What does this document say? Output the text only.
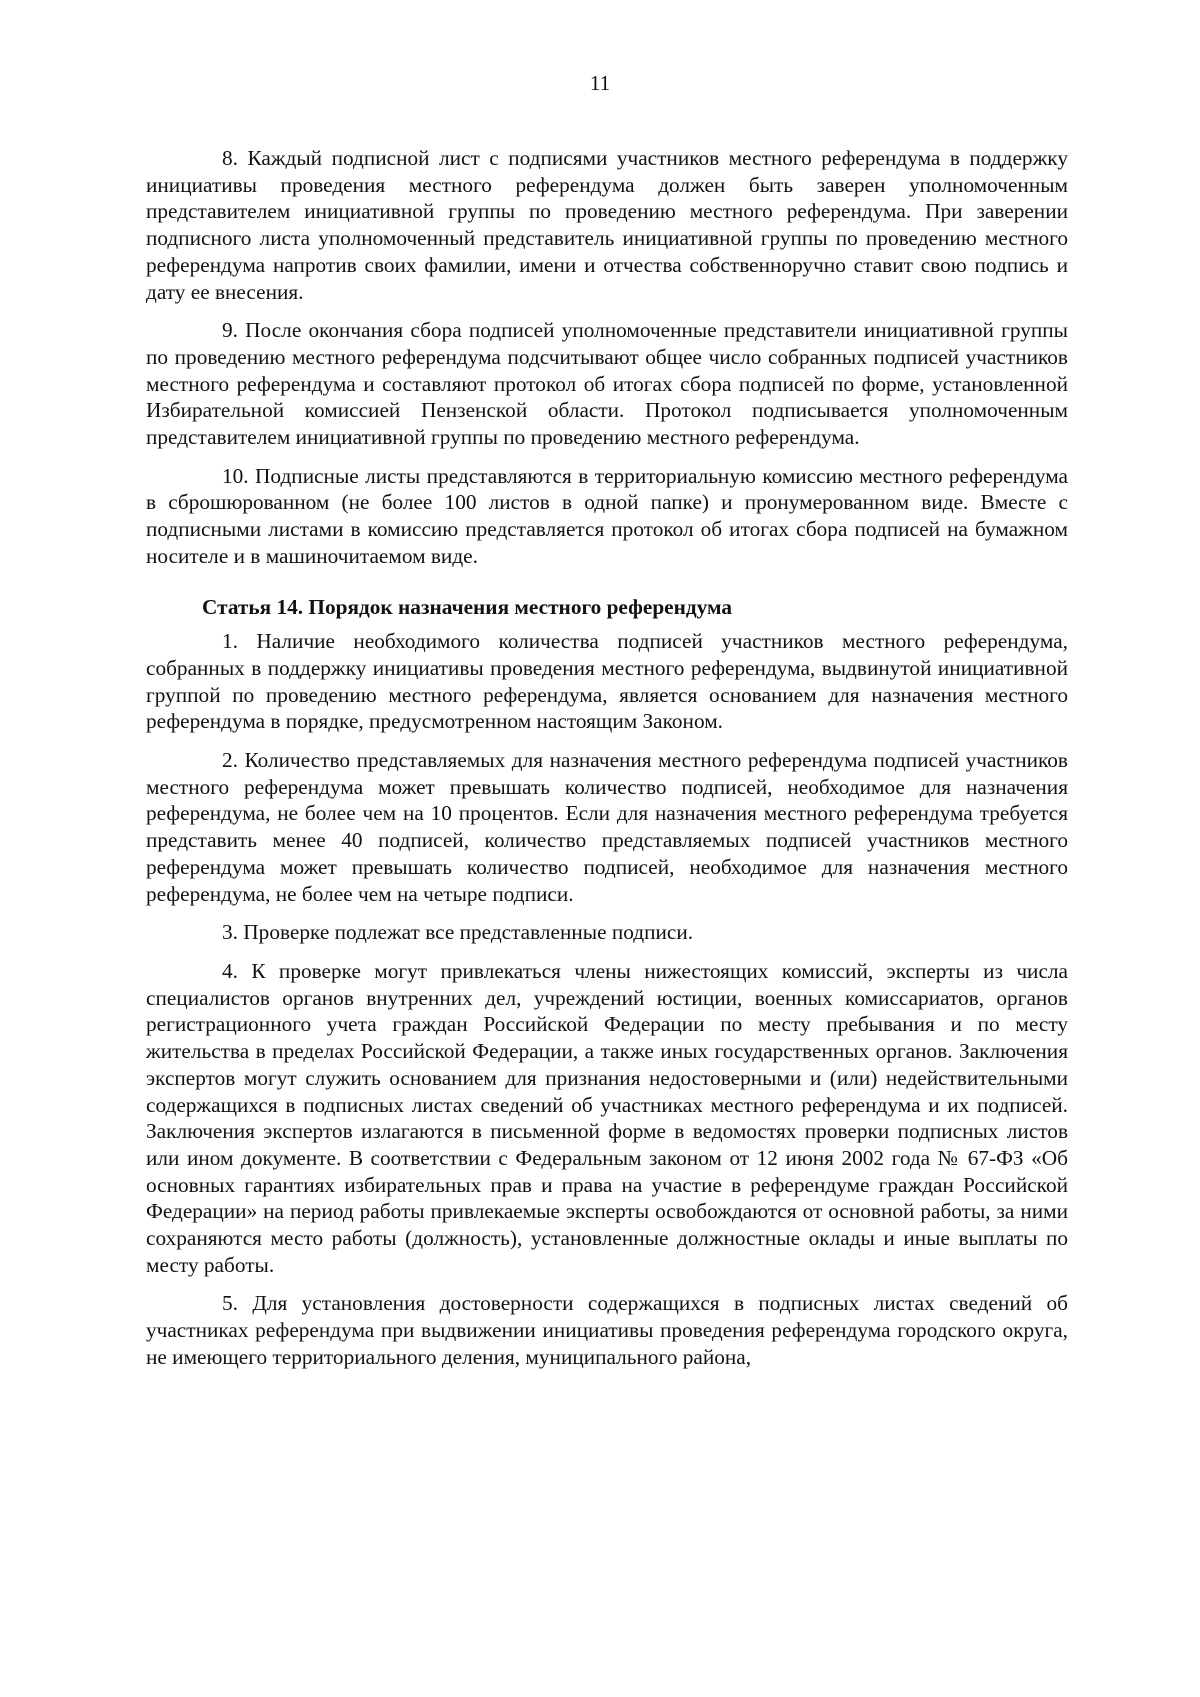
11

8. Каждый подписной лист с подписями участников местного референдума в поддержку инициативы проведения местного референдума должен быть заверен уполномоченным представителем инициативной группы по проведению местного референдума. При заверении подписного листа уполномоченный представитель инициативной группы по проведению местного референдума напротив своих фамилии, имени и отчества собственноручно ставит свою подпись и дату ее внесения.

9. После окончания сбора подписей уполномоченные представители инициативной группы по проведению местного референдума подсчитывают общее число собранных подписей участников местного референдума и составляют протокол об итогах сбора подписей по форме, установленной Избирательной комиссией Пензенской области. Протокол подписывается уполномоченным представителем инициативной группы по проведению местного референдума.

10. Подписные листы представляются в территориальную комиссию местного референдума в сброшюрованном (не более 100 листов в одной папке) и пронумерованном виде. Вместе с подписными листами в комиссию представляется протокол об итогах сбора подписей на бумажном носителе и в машиночитаемом виде.

Статья 14. Порядок назначения местного референдума

1. Наличие необходимого количества подписей участников местного референдума, собранных в поддержку инициативы проведения местного референдума, выдвинутой инициативной группой по проведению местного референдума, является основанием для назначения местного референдума в порядке, предусмотренном настоящим Законом.

2. Количество представляемых для назначения местного референдума подписей участников местного референдума может превышать количество подписей, необходимое для назначения референдума, не более чем на 10 процентов. Если для назначения местного референдума требуется представить менее 40 подписей, количество представляемых подписей участников местного референдума может превышать количество подписей, необходимое для назначения местного референдума, не более чем на четыре подписи.

3. Проверке подлежат все представленные подписи.

4. К проверке могут привлекаться члены нижестоящих комиссий, эксперты из числа специалистов органов внутренних дел, учреждений юстиции, военных комиссариатов, органов регистрационного учета граждан Российской Федерации по месту пребывания и по месту жительства в пределах Российской Федерации, а также иных государственных органов. Заключения экспертов могут служить основанием для признания недостоверными и (или) недействительными содержащихся в подписных листах сведений об участниках местного референдума и их подписей. Заключения экспертов излагаются в письменной форме в ведомостях проверки подписных листов или ином документе. В соответствии с Федеральным законом от 12 июня 2002 года № 67-ФЗ «Об основных гарантиях избирательных прав и права на участие в референдуме граждан Российской Федерации» на период работы привлекаемые эксперты освобождаются от основной работы, за ними сохраняются место работы (должность), установленные должностные оклады и иные выплаты по месту работы.

5. Для установления достоверности содержащихся в подписных листах сведений об участниках референдума при выдвижении инициативы проведения референдума городского округа, не имеющего территориального деления, муниципального района,
